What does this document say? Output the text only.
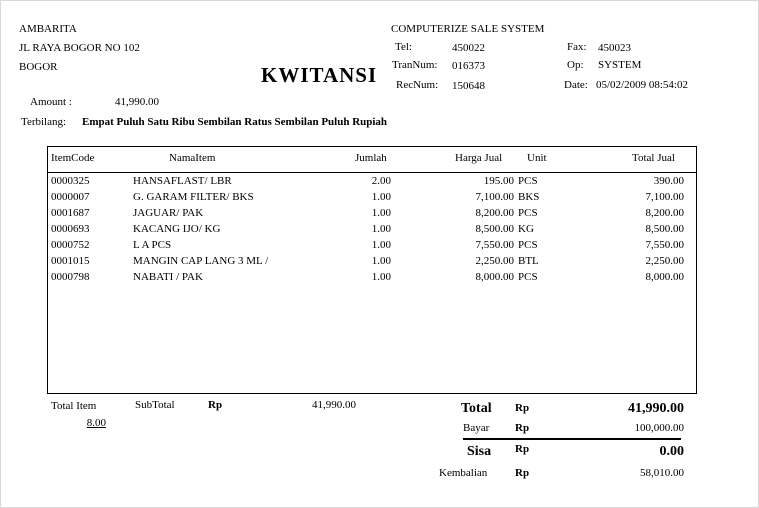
AMBARITA
JL RAYA BOGOR NO 102
BOGOR
COMPUTERIZE SALE SYSTEM
Tel:	450022	Fax: 450023
TranNum: 016373	Op: SYSTEM
RecNum: 150648	Date: 05/02/2009 08:54:02
KWITANSI
Amount :	41,990.00
Terbilang: Empat Puluh Satu Ribu Sembilan Ratus Sembilan Puluh Rupiah
ItemCode	NamaItem	Jumlah	Harga Jual Unit	Total Jual
0000325	HANSAFLAST/ LBR	2.00	195.00 PCS	390.00
0000007	G. GARAM FILTER/ BKS	1.00	7,100.00 BKS	7,100.00
0001687	JAGUAR/ PAK	1.00	8,200.00 PCS	8,200.00
0000693	KACANG IJO/ KG	1.00	8,500.00 KG	8,500.00
0000752	L A PCS	1.00	7,550.00 PCS	7,550.00
0001015	MANGIN CAP LANG 3 ML /	1.00	2,250.00 BTL	2,250.00
0000798	NABATI / PAK	1.00	8,000.00 PCS	8,000.00
Total Item
8.00
SubTotal	Rp	41,990.00	Total Rp	41,990.00
Bayar Rp	100,000.00
Sisa Rp	0.00
Kembalian	Rp	58,010.00
